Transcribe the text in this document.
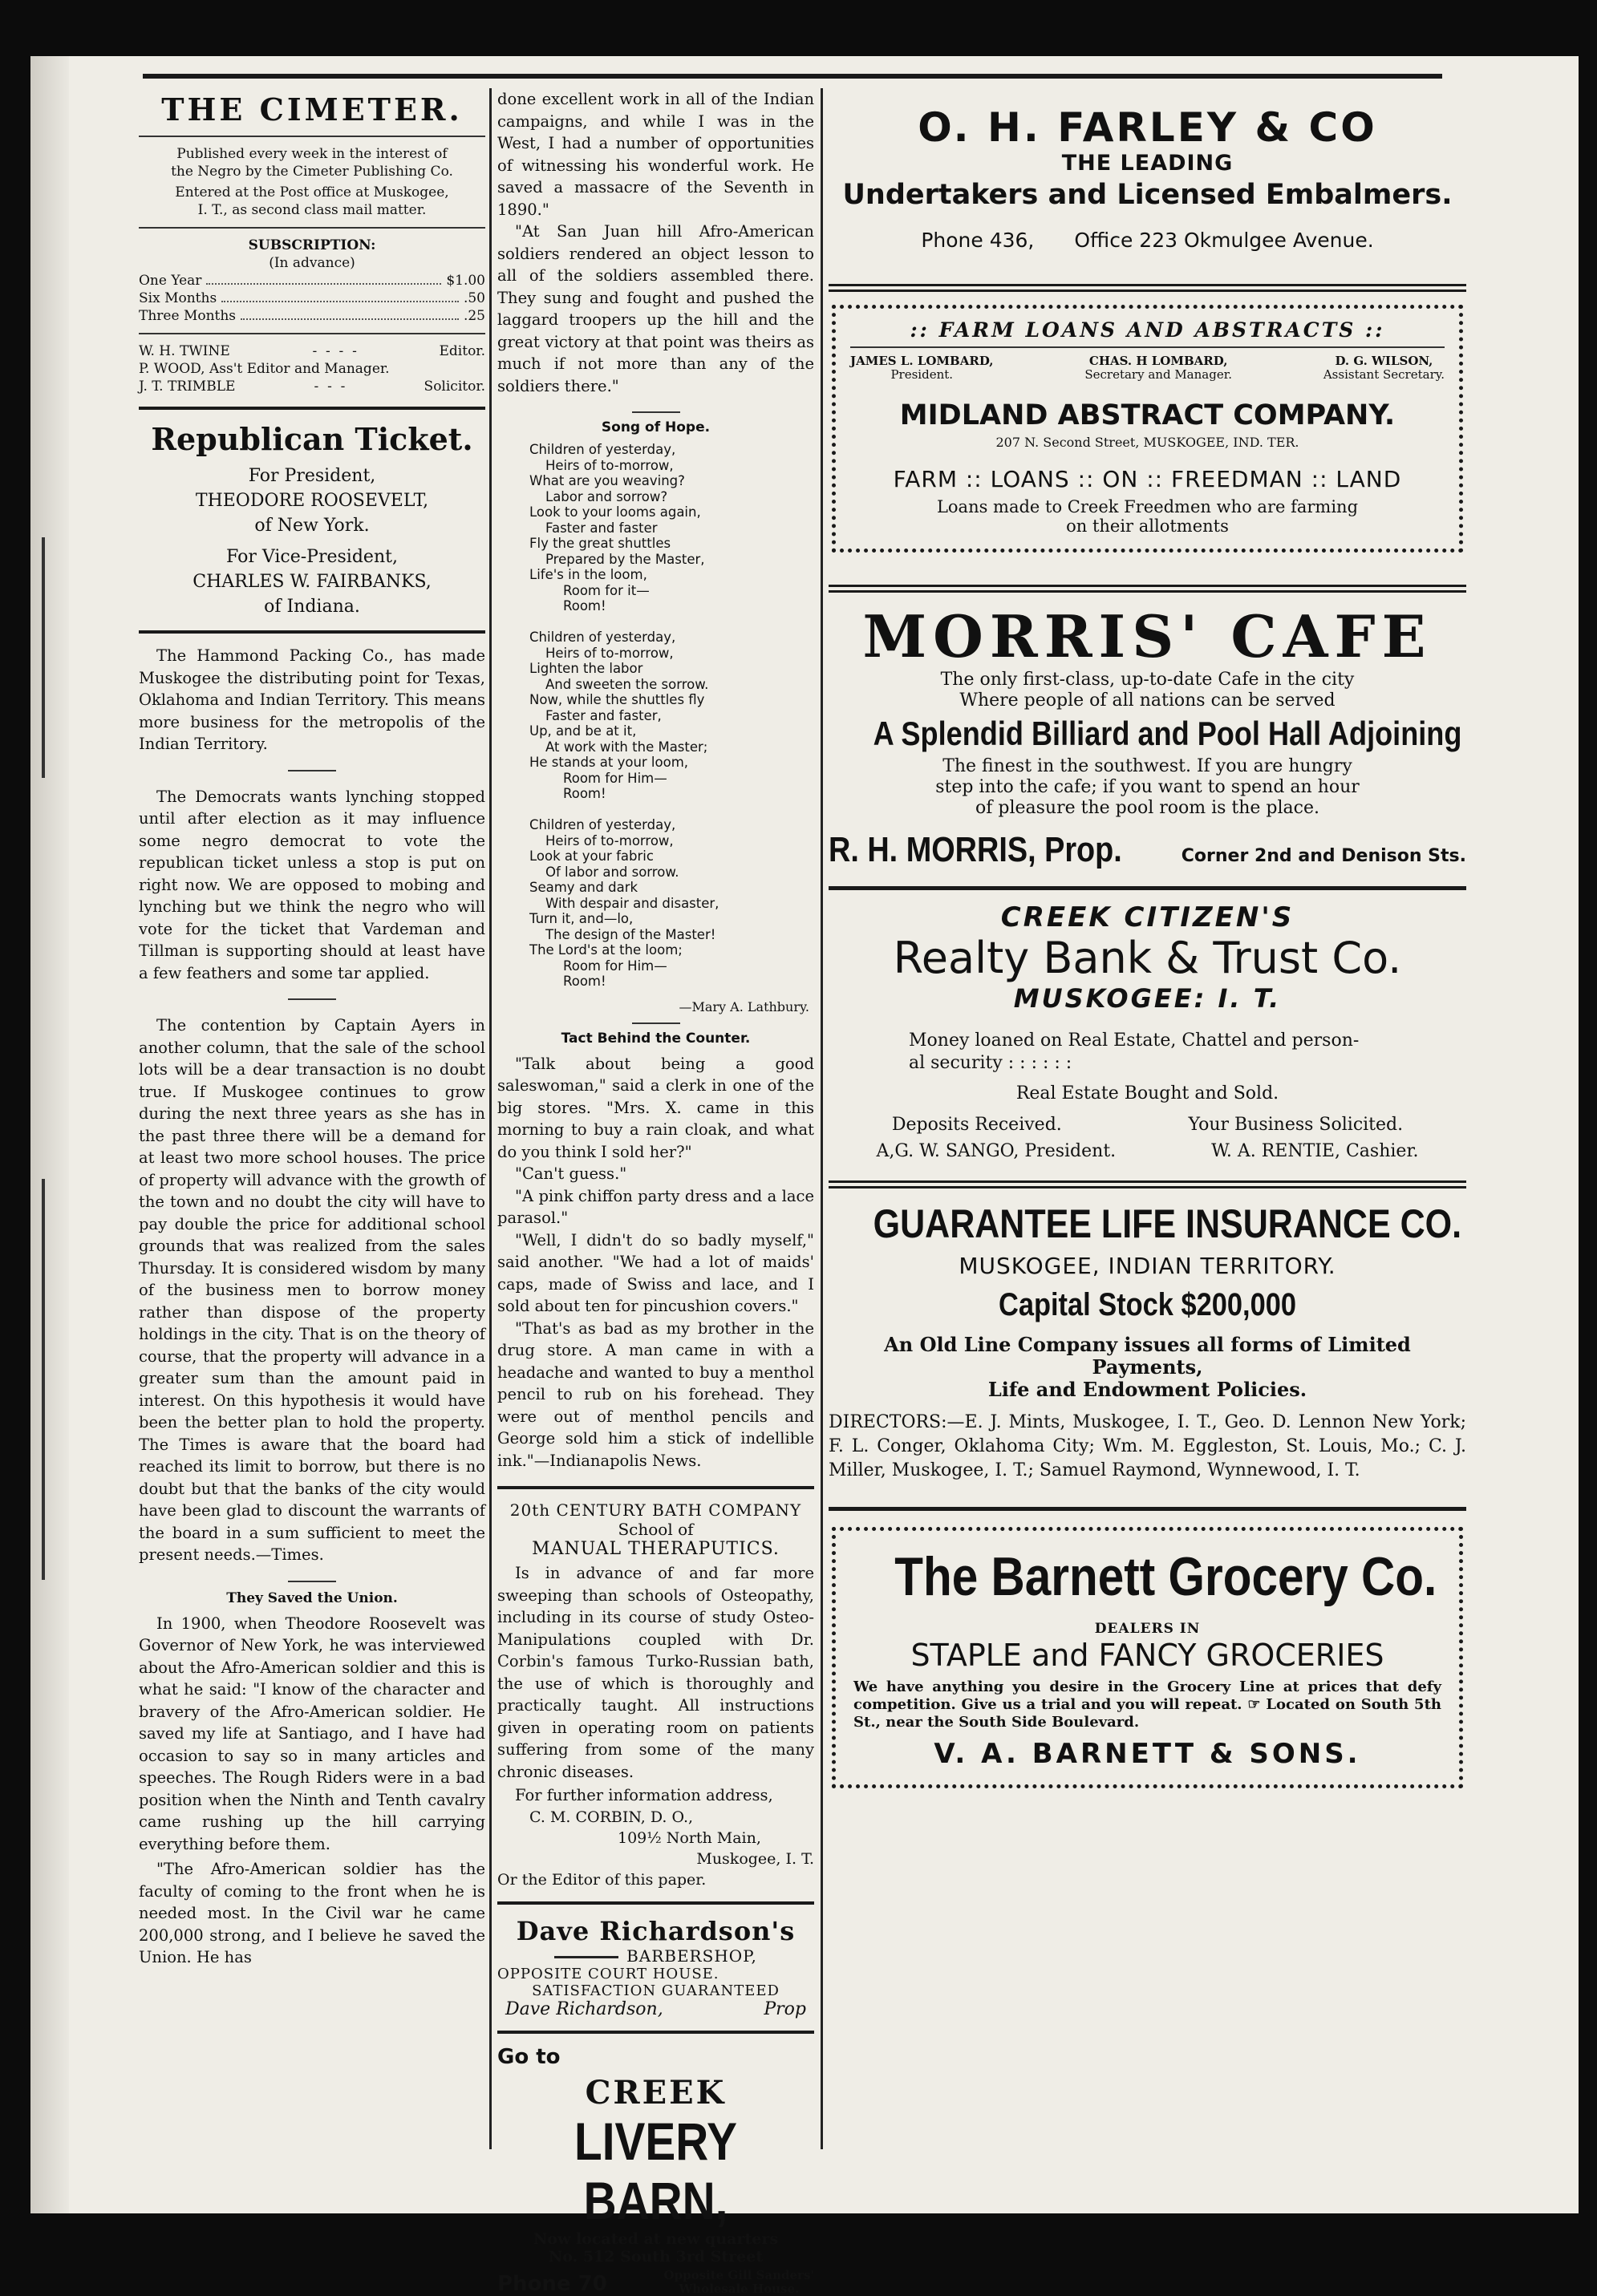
THE CIMETER.
Published every week in the interest of
the Negro by the Cimeter Publishing Co.
Entered at the Post office at Muskogee,
I. T., as second class mail matter.
SUBSCRIPTION:
(In advance)
One Year	$1.00
Six Months	.50
Three Months	.25
W. H. TWINE	-  -  -  -	Editor.
P. WOOD, Ass't Editor and Manager.
J. T. TRIMBLE	-  -  -	Solicitor.
Republican Ticket.
For President,
THEODORE ROOSEVELT,
of New York.
For Vice-President,
CHARLES W. FAIRBANKS,
of Indiana.

The Hammond Packing Co., has made Muskogee the distributing point for Texas, Oklahoma and Indian Territory. This means more business for the metropolis of the Indian Territory.

The Democrats wants lynching stopped until after election as it may influence some negro democrat to vote the republican ticket unless a stop is put on right now. We are opposed to mobing and lynching but we think the negro who will vote for the ticket that Vardeman and Tillman is supporting should at least have a few feathers and some tar applied.

The contention by Captain Ayers in another column, that the sale of the school lots will be a dear transaction is no doubt true. If Muskogee continues to grow during the next three years as she has in the past three there will be a demand for at least two more school houses. The price of property will advance with the growth of the town and no doubt the city will have to pay double the price for additional school grounds that was realized from the sales Thursday. It is considered wisdom by many of the business men to borrow money rather than dispose of the property holdings in the city. That is on the theory of course, that the property will advance in a greater sum than the amount paid in interest. On this hypothesis it would have been the better plan to hold the property. The Times is aware that the board had reached its limit to borrow, but there is no doubt but that the banks of the city would have been glad to discount the warrants of the board in a sum sufficient to meet the present needs.—Times.

They Saved the Union.

In 1900, when Theodore Roosevelt was Governor of New York, he was interviewed about the Afro-American soldier and this is what he said: "I know of the character and bravery of the Afro-American soldier. He saved my life at Santiago, and I have had occasion to say so in many articles and speeches. The Rough Riders were in a bad position when the Ninth and Tenth cavalry came rushing up the hill carrying everything before them.

"The Afro-American soldier has the faculty of coming to the front when he is needed most. In the Civil war he came 200,000 strong, and I believe he saved the Union. He has

done excellent work in all of the Indian campaigns, and while I was in the West, I had a number of opportunities of witnessing his wonderful work. He saved a massacre of the Seventh in 1890."

"At San Juan hill Afro-American soldiers rendered an object lesson to all of the soldiers assembled there. They sung and fought and pushed the laggard troopers up the hill and the great victory at that point was theirs as much if not more than any of the soldiers there."

Song of Hope.
Children of yesterday,
Heirs of to-morrow,
What are you weaving?
Labor and sorrow?
Look to your looms again,
Faster and faster
Fly the great shuttles
Prepared by the Master,
Life's in the loom,
Room for it—
Room!

Children of yesterday,
Heirs of to-morrow,
Lighten the labor
And sweeten the sorrow.
Now, while the shuttles fly
Faster and faster,
Up, and be at it,
At work with the Master;
He stands at your loom,
Room for Him—
Room!

Children of yesterday,
Heirs of to-morrow,
Look at your fabric
Of labor and sorrow.
Seamy and dark
With despair and disaster,
Turn it, and—lo,
The design of the Master!
The Lord's at the loom;
Room for Him—
Room!
—Mary A. Lathbury.
Tact Behind the Counter.

"Talk about being a good saleswoman," said a clerk in one of the big stores. "Mrs. X. came in this morning to buy a rain cloak, and what do you think I sold her?"

"Can't guess."

"A pink chiffon party dress and a lace parasol."

"Well, I didn't do so badly myself," said another. "We had a lot of maids' caps, made of Swiss and lace, and I sold about ten for pincushion covers."

"That's as bad as my brother in the drug store. A man came in with a headache and wanted to buy a menthol pencil to rub on his forehead. They were out of menthol pencils and George sold him a stick of indellible ink."—Indianapolis News.

20th CENTURY BATH COMPANY
School of
MANUAL THERAPUTICS.

Is in advance of and far more sweeping than schools of Osteopathy, including in its course of study Osteo-Manipulations coupled with Dr. Corbin's famous Turko-Russian bath, the use of which is thoroughly and practically taught. All instructions given in operating room on patients suffering from some of the many chronic diseases.

For further information address,

C. M. CORBIN, D. O.,
109½ North Main,
Muskogee, I. T.
Or the Editor of this paper.
Dave Richardson's
BARBERSHOP,
OPPOSITE COURT HOUSE.
SATISFACTION GUARANTEED
Dave Richardson,	Prop
Go to
CREEK
LIVERY BARN,
Now located at new quarters
No. 512 South 3rd Street
Phone 70	Opposite Gill Sanders'
Wholesale House.
O. H. FARLEY & CO
THE LEADING
Undertakers and Licensed Embalmers.
Phone 436, Office 223 Okmulgee Avenue.
:: FARM LOANS AND ABSTRACTS ::
JAMES L. LOMBARD,
President.
CHAS. H LOMBARD,
Secretary and Manager.
D. G. WILSON,
Assistant Secretary.
MIDLAND ABSTRACT COMPANY.
207 N. Second Street, MUSKOGEE, IND. TER.
FARM :: LOANS :: ON :: FREEDMAN :: LAND
Loans made to Creek Freedmen who are farming
on their allotments
MORRIS' CAFE
The only first-class, up-to-date Cafe in the city
Where people of all nations can be served
A Splendid Billiard and Pool Hall Adjoining
The finest in the southwest. If you are hungry
step into the cafe; if you want to spend an hour
of pleasure the pool room is the place.
R. H. MORRIS, Prop.	Corner 2nd and Denison Sts.
CREEK CITIZEN'S
Realty Bank & Trust Co.
MUSKOGEE: I. T.
Money loaned on Real Estate, Chattel and person-
al security : : : : : :
Real Estate Bought and Sold.
Deposits Received.	Your Business Solicited.
A,G. W. SANGO, President.	W. A. RENTIE, Cashier.
GUARANTEE LIFE INSURANCE CO.
MUSKOGEE, INDIAN TERRITORY.
Capital Stock $200,000
An Old Line Company issues all forms of Limited Payments,
Life and Endowment Policies.

DIRECTORS:—E. J. Mints, Muskogee, I. T., Geo. D. Lennon New York; F. L. Conger, Oklahoma City; Wm. M. Eggleston, St. Louis, Mo.; C. J. Miller, Muskogee, I. T.; Samuel Raymond, Wynnewood, I. T.

The Barnett Grocery Co.
DEALERS IN
STAPLE and FANCY GROCERIES

We have anything you desire in the Grocery Line at prices that defy competition. Give us a trial and you will repeat. ☞ Located on South 5th St., near the South Side Boulevard.

V. A. BARNETT & SONS.
